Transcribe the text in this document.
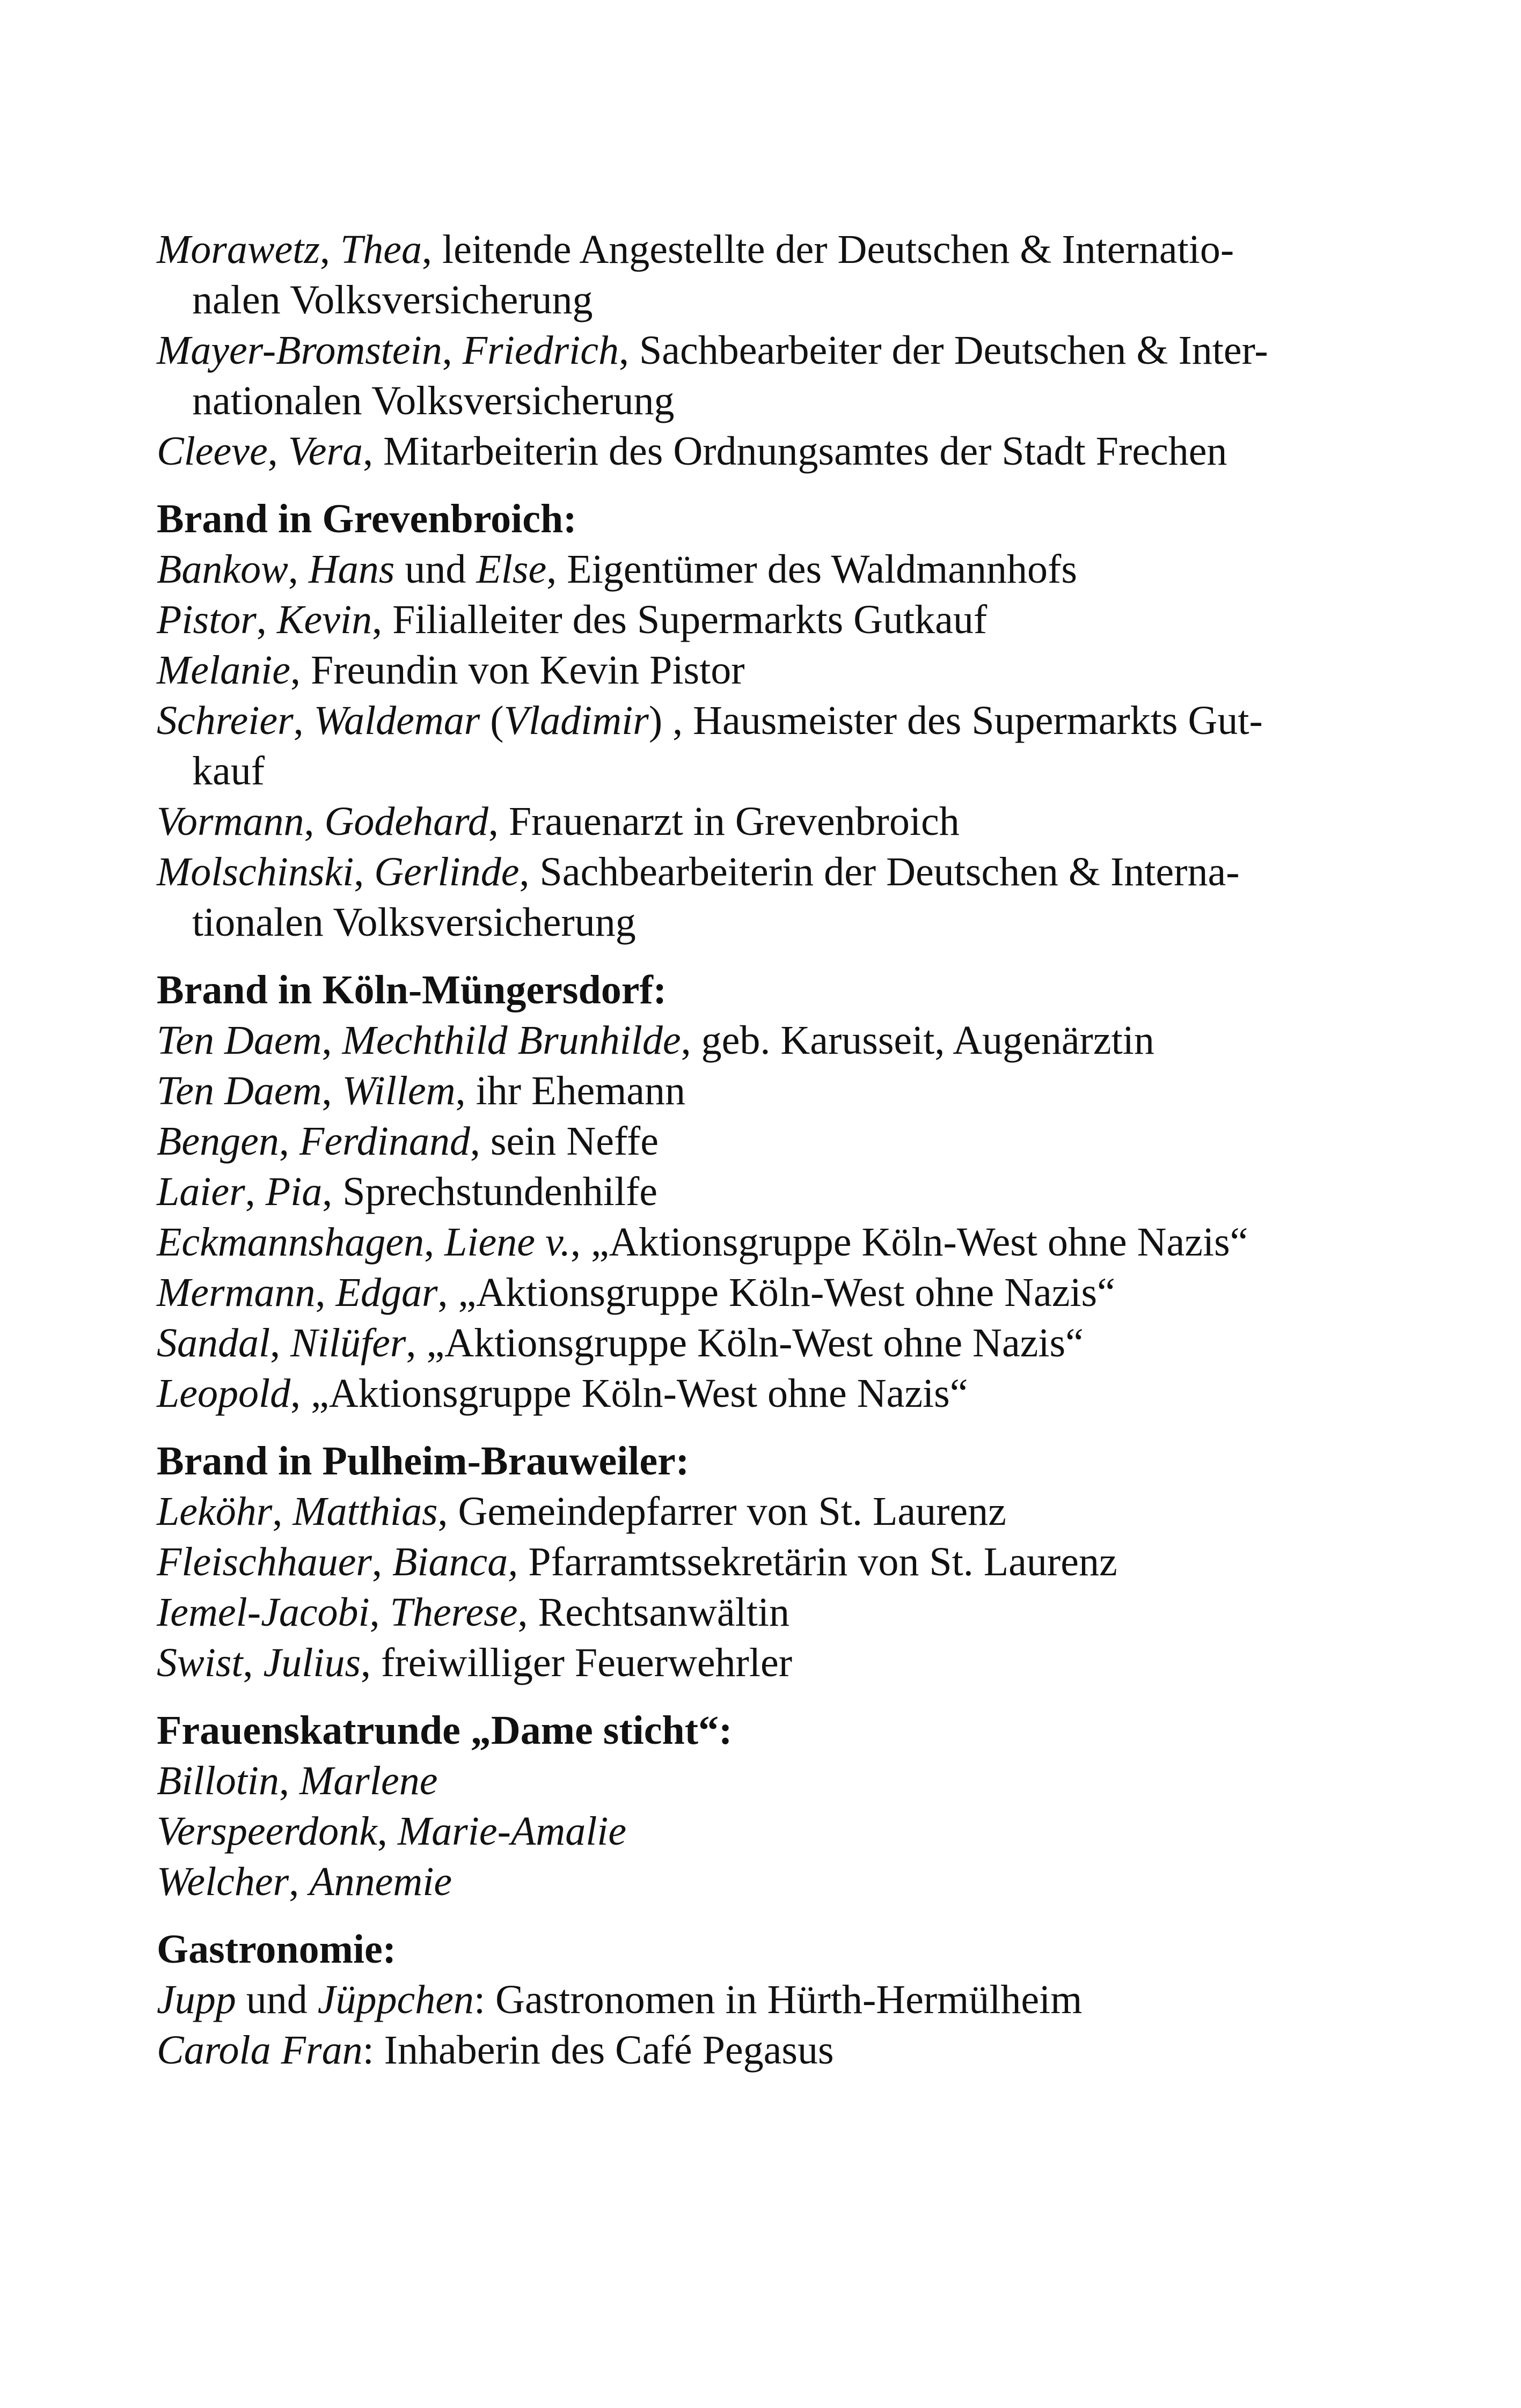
Morawetz, Thea, leitende Angestellte der Deutschen & Internatio-nalen Volksversicherung
Mayer-Bromstein, Friedrich, Sachbearbeiter der Deutschen & Inter-nationalen Volksversicherung
Cleeve, Vera, Mitarbeiterin des Ordnungsamtes der Stadt Frechen
Brand in Grevenbroich:
Bankow, Hans und Else, Eigentümer des Waldmannhofs
Pistor, Kevin, Filialleiter des Supermarkts Gutkauf
Melanie, Freundin von Kevin Pistor
Schreier, Waldemar (Vladimir) , Hausmeister des Supermarkts Gut-kauf
Vormann, Godehard, Frauenarzt in Grevenbroich
Molschinski, Gerlinde, Sachbearbeiterin der Deutschen & Interna-tionalen Volksversicherung
Brand in Köln-Müngersdorf:
Ten Daem, Mechthild Brunhilde, geb. Karusseit, Augenärztin
Ten Daem, Willem, ihr Ehemann
Bengen, Ferdinand, sein Neffe
Laier, Pia, Sprechstundenhilfe
Eckmannshagen, Liene v., „Aktionsgruppe Köln-West ohne Nazis“
Mermann, Edgar, „Aktionsgruppe Köln-West ohne Nazis“
Sandal, Nilüfer, „Aktionsgruppe Köln-West ohne Nazis“
Leopold, „Aktionsgruppe Köln-West ohne Nazis“
Brand in Pulheim-Brauweiler:
Leköhr, Matthias, Gemeindepfarrer von St. Laurenz
Fleischhauer, Bianca, Pfarramtssekretärin von St. Laurenz
Iemel-Jacobi, Therese, Rechtsanwältin
Swist, Julius, freiwilliger Feuerwehrler
Frauenskatrunde „Dame sticht“:
Billotin, Marlene
Verspeerdonk, Marie-Amalie
Welcher, Annemie
Gastronomie:
Jupp und Jüppchen: Gastronomen in Hürth-Hermülheim
Carola Fran: Inhaberin des Café Pegasus
